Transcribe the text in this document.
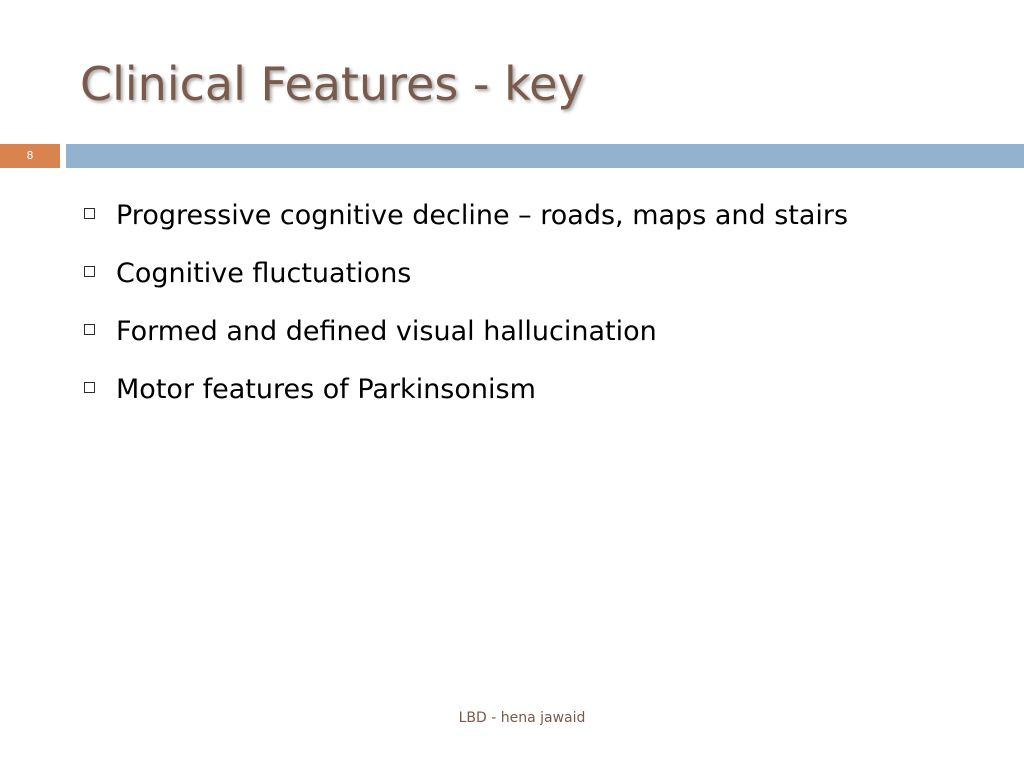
Clinical Features - key
8
Progressive cognitive decline – roads, maps and stairs
Cognitive fluctuations
Formed and defined visual hallucination
Motor features of Parkinsonism
LBD - hena jawaid
